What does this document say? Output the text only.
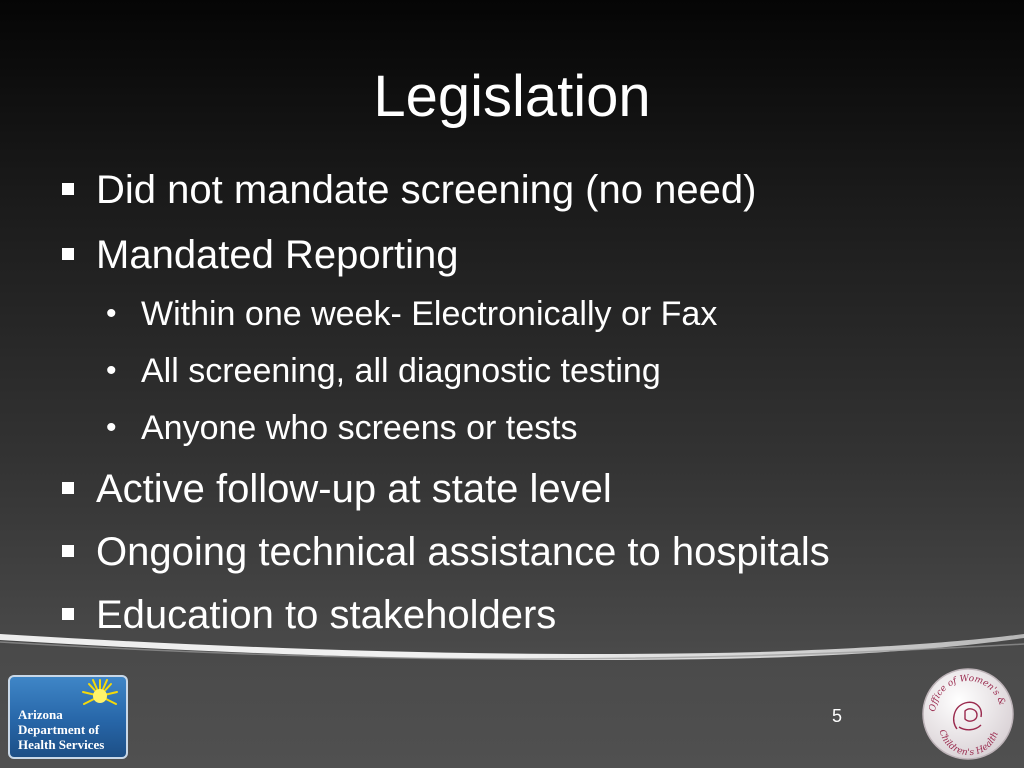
Legislation
Did not mandate screening (no need)
Mandated Reporting
• Within one week- Electronically or Fax
• All screening, all diagnostic testing
• Anyone who screens or tests
Active follow-up at state level
Ongoing technical assistance to hospitals
Education to stakeholders
Arizona
Department of
Health Services
5	Office of Women's &
Children's Health
